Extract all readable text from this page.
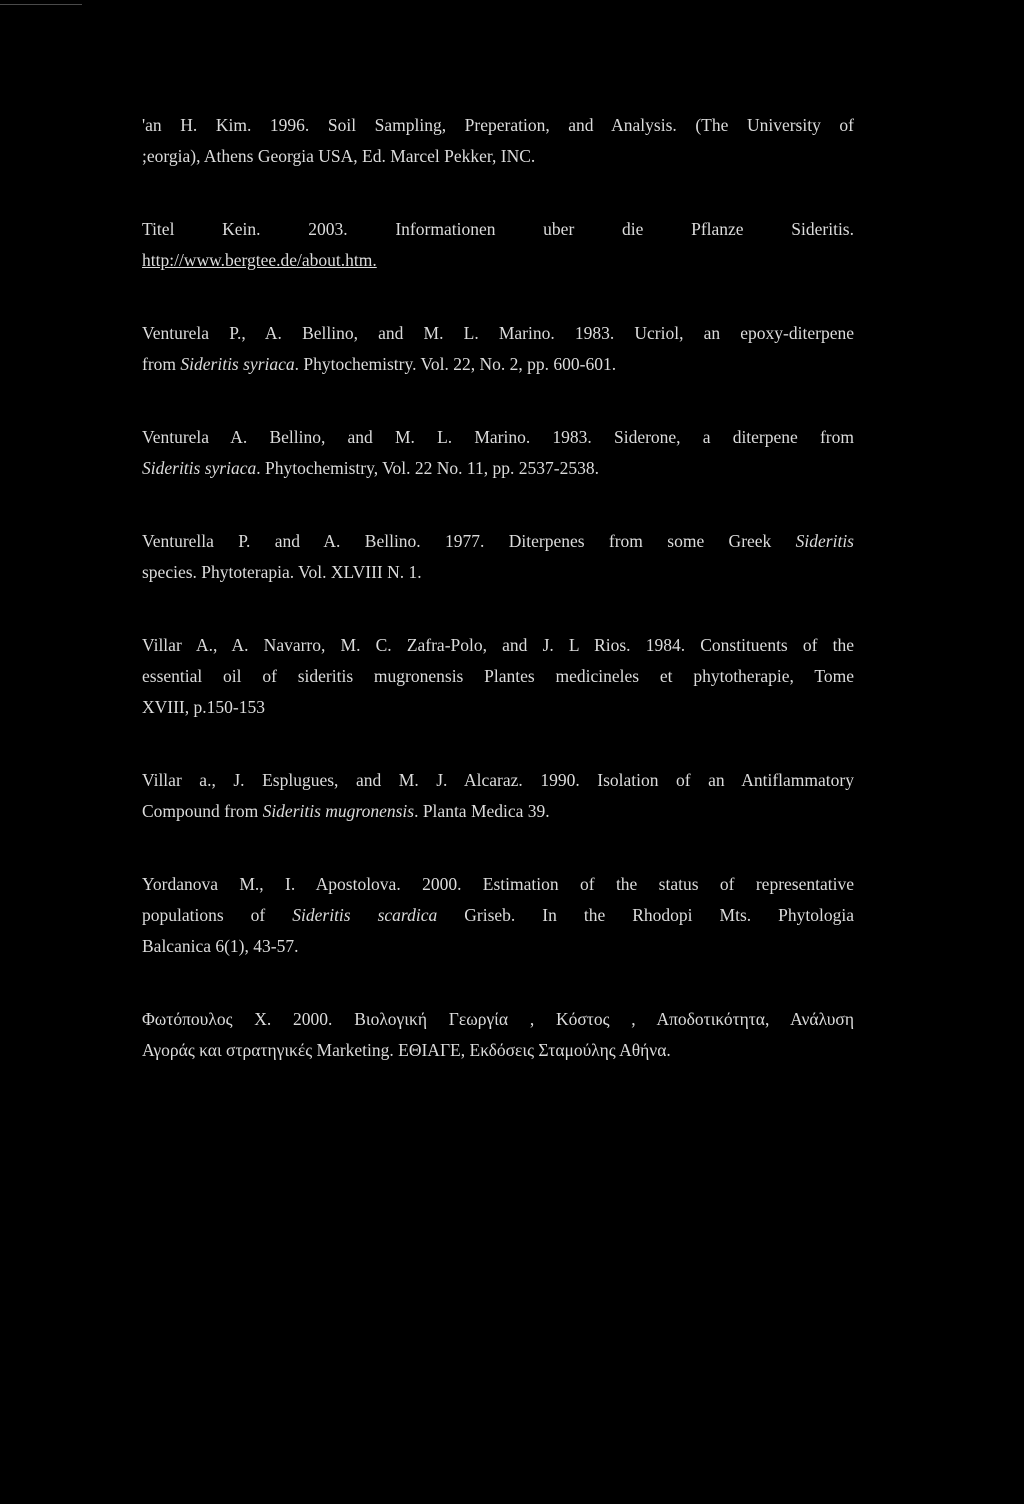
'an H. Kim. 1996. Soil Sampling, Preperation, and Analysis. (The University of
;eorgia), Athens Georgia USA, Ed. Marcel Pekker, INC.
Titel Kein. 2003. Informationen uber die Pflanze Sideritis.
http://www.bergtee.de/about.htm.
Venturela P., A. Bellino, and M. L. Marino. 1983. Ucriol, an epoxy-diterpene
from Sideritis syriaca. Phytochemistry. Vol. 22, No. 2, pp. 600-601.
Venturela A. Bellino, and M. L. Marino. 1983. Siderone, a diterpene from
Sideritis syriaca. Phytochemistry, Vol. 22 No. 11, pp. 2537-2538.
Venturella P. and A. Bellino. 1977. Diterpenes from some Greek Sideritis
species. Phytoterapia. Vol. XLVIII N. 1.
Villar A., A. Navarro, M. C. Zafra-Polo, and J. L Rios. 1984. Constituents of the
essential oil of sideritis mugronensis Plantes medicineles et phytotherapie, Tome
XVIII, p.150-153
Villar a., J. Esplugues, and M. J. Alcaraz. 1990. Isolation of an Antiflammatory
Compound from Sideritis mugronensis. Planta Medica 39.
Yordanova M., I. Apostolova. 2000. Estimation of the status of representative
populations of Sideritis scardica Griseb. In the Rhodopi Mts. Phytologia
Balcanica 6(1), 43-57.
Φωτόπουλος Χ. 2000. Βιολογική Γεωργία , Κόστος , Αποδοτικότητα, Ανάλυση
Αγοράς και στρατηγικές Marketing. ΕΘΙΑΓΕ, Εκδόσεις Σταμούλης Αθήνα.
